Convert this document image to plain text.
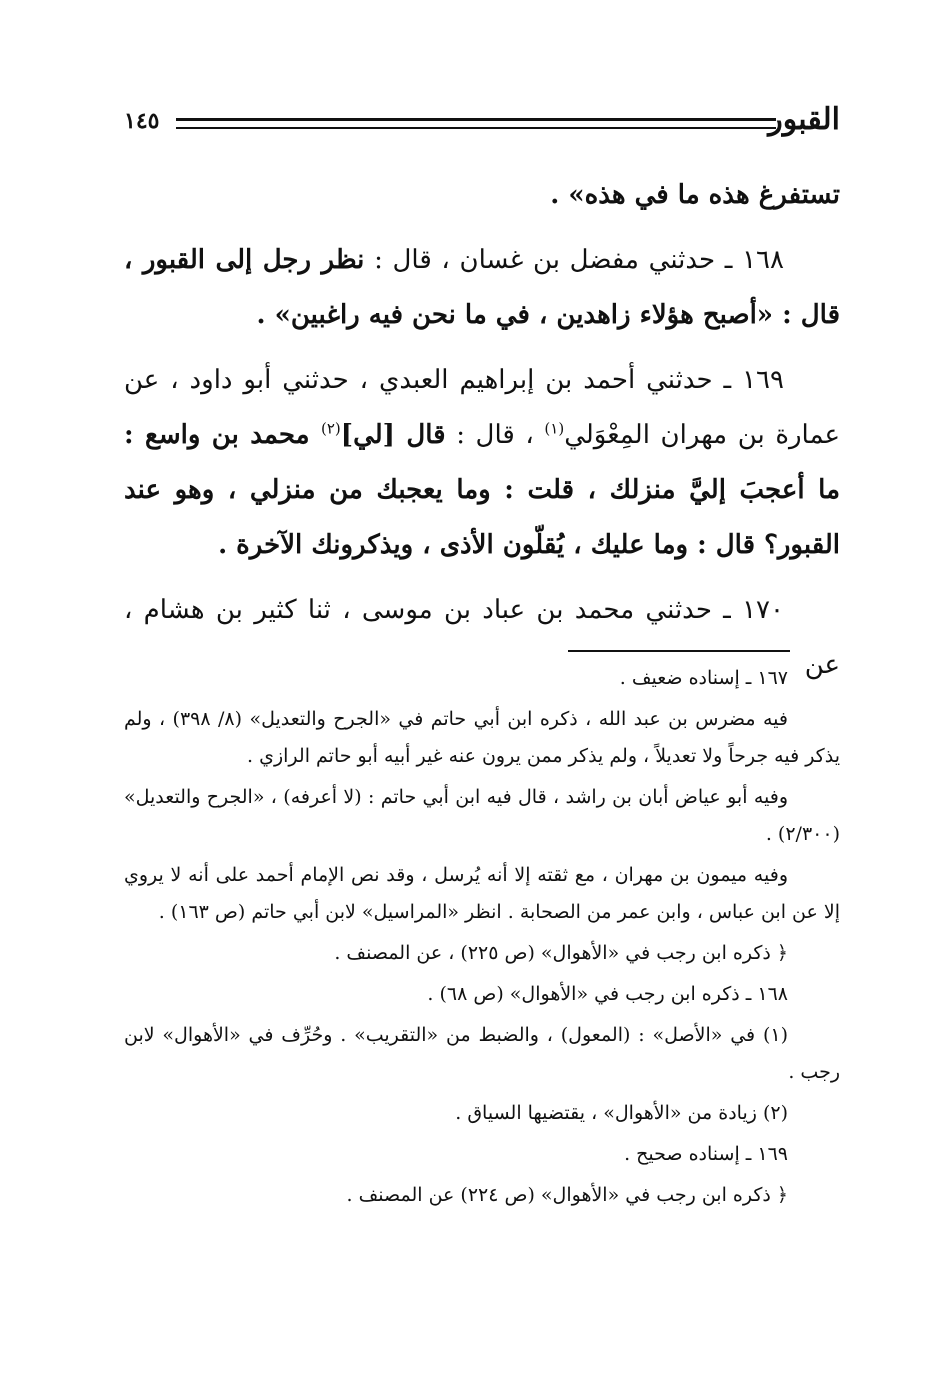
القبور
١٤٥

تستفرغ هذه ما في هذه» .

١٦٨ ـ حدثني مفضل بن غسان ، قال : نظر رجل إلى القبور ، قال : «أصبح هؤلاء زاهدين ، في ما نحن فيه راغبين» .

١٦٩ ـ حدثني أحمد بن إبراهيم العبدي ، حدثني أبو داود ، عن عمارة بن مهران المِعْوَلي$^{(١)}$ ، قال : قال [لي]$^{(٢)}$ محمد بن واسع : ما أعجبَ إليَّ منزلك ، قلت : وما يعجبك من منزلي ، وهو عند القبور؟ قال : وما عليك ، يُقلّون الأذى ، ويذكرونك الآخرة .

١٧٠ ـ حدثني محمد بن عباد بن موسى ، ثنا كثير بن هشام ، عن

١٦٧ ـ إسناده ضعيف .

فيه مضرس بن عبد الله ، ذكره ابن أبي حاتم في «الجرح والتعديل» (٨/ ٣٩٨) ، ولم يذكر فيه جرحاً ولا تعديلاً ، ولم يذكر ممن يرون عنه غير أبيه أبو حاتم الرازي .

وفيه أبو عياض أبان بن راشد ، قال فيه ابن أبي حاتم : (لا أعرفه) ، «الجرح والتعديل» (٢/٣٠٠) .

وفيه ميمون بن مهران ، مع ثقته إلا أنه يُرسل ، وقد نص الإمام أحمد على أنه لا يروي إلا عن ابن عباس ، وابن عمر من الصحابة . انظر «المراسيل» لابن أبي حاتم (ص ١٦٣) .

﴿ ذكره ابن رجب في «الأهوال» (ص ٢٢٥) ، عن المصنف .

١٦٨ ـ ذكره ابن رجب في «الأهوال» (ص ٦٨) .

(١) في «الأصل» : (المعول) ، والضبط من «التقريب» . وحُرِّف في «الأهوال» لابن رجب .

(٢) زيادة من «الأهوال» ، يقتضيها السياق .

١٦٩ ـ إسناده صحيح .

﴿ ذكره ابن رجب في «الأهوال» (ص ٢٢٤) عن المصنف .
